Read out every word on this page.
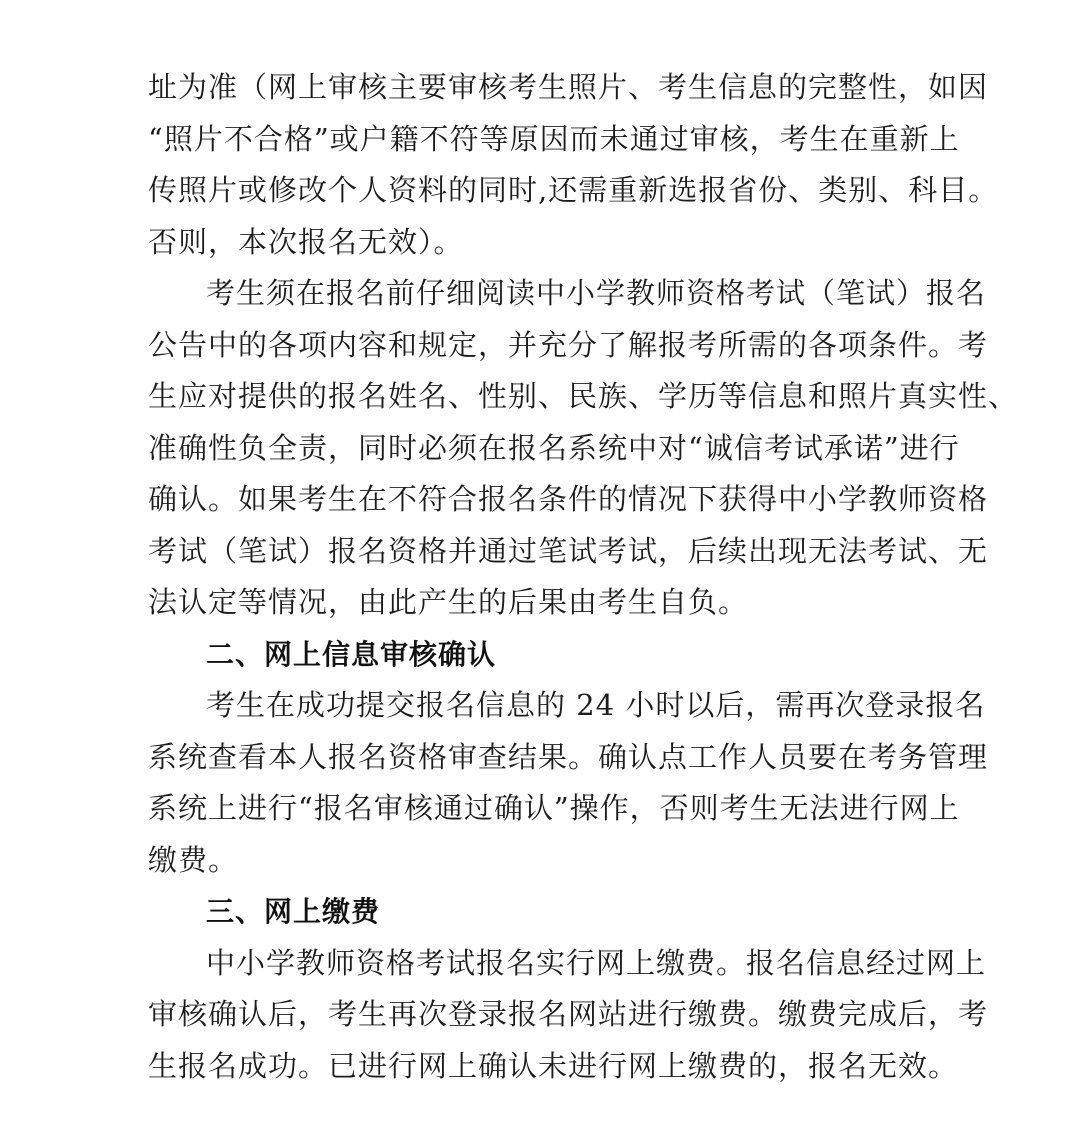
址为准（网上审核主要审核考生照片、考生信息的完整性，如因
“照片不合格”或户籍不符等原因而未通过审核，考生在重新上
传照片或修改个人资料的同时,还需重新选报省份、类别、科目。
否则，本次报名无效）。
考生须在报名前仔细阅读中小学教师资格考试（笔试）报名
公告中的各项内容和规定，并充分了解报考所需的各项条件。考
生应对提供的报名姓名、性别、民族、学历等信息和照片真实性、
准确性负全责，同时必须在报名系统中对“诚信考试承诺”进行
确认。如果考生在不符合报名条件的情况下获得中小学教师资格
考试（笔试）报名资格并通过笔试考试，后续出现无法考试、无
法认定等情况，由此产生的后果由考生自负。
二、网上信息审核确认
考生在成功提交报名信息的 24 小时以后，需再次登录报名
系统查看本人报名资格审查结果。确认点工作人员要在考务管理
系统上进行“报名审核通过确认”操作，否则考生无法进行网上
缴费。
三、网上缴费
中小学教师资格考试报名实行网上缴费。报名信息经过网上
审核确认后，考生再次登录报名网站进行缴费。缴费完成后，考
生报名成功。已进行网上确认未进行网上缴费的，报名无效。
